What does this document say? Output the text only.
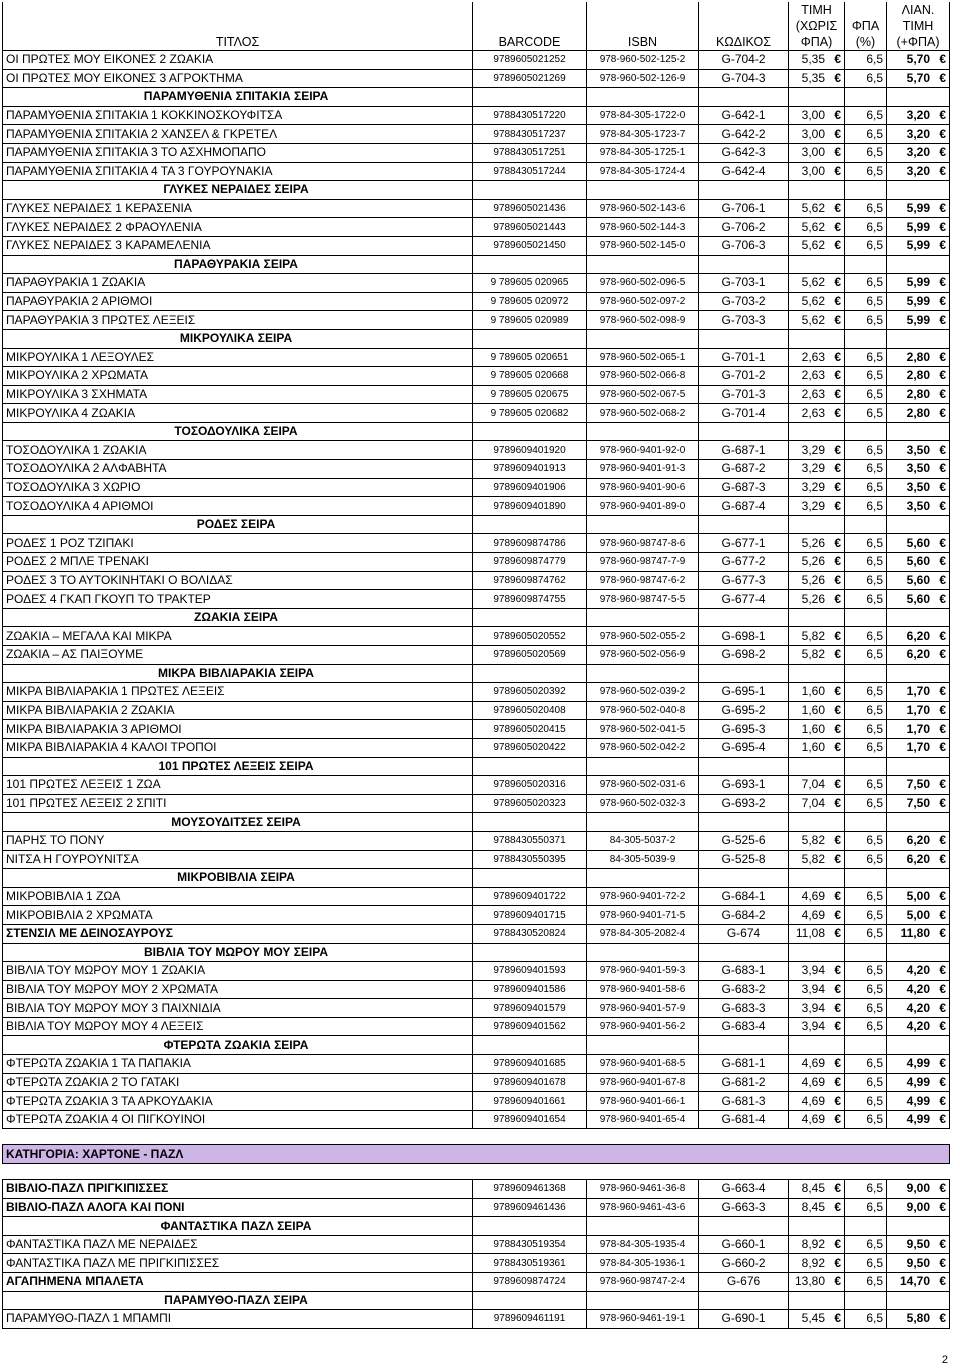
ΤΙΤΛΟΣ	BARCODE	ISBN	ΚΩΔΙΚΟΣ	ΤΙΜΗ (ΧΩΡΙΣ ΦΠΑ)	ΦΠΑ (%)	ΛΙΑΝ. ΤΙΜΗ (+ΦΠΑ)
ΟΙ ΠΡΩΤΕΣ ΜΟΥ ΕΙΚΟΝΕΣ 2 ΖΩΑΚΙΑ	9789605021252	978-960-502-125-2	G-704-2	5,35 €	6,5	5,70 €
ΟΙ ΠΡΩΤΕΣ ΜΟΥ ΕΙΚΟΝΕΣ 3 ΑΓΡΟΚΤΗΜΑ	9789605021269	978-960-502-126-9	G-704-3	5,35 €	6,5	5,70 €
ΠΑΡΑΜΥΘΕΝΙΑ ΣΠΙΤΑΚΙΑ ΣΕΙΡΑ						
ΠΑΡΑΜΥΘΕΝΙΑ ΣΠΙΤΑΚΙΑ 1 ΚΟΚΚΙΝΟΣΚΟΥΦΙΤΣΑ	9788430517220	978-84-305-1722-0	G-642-1	3,00 €	6,5	3,20 €
ΠΑΡΑΜΥΘΕΝΙΑ ΣΠΙΤΑΚΙΑ 2 ΧΑΝΣΕΛ & ΓΚΡΕΤΕΛ	9788430517237	978-84-305-1723-7	G-642-2	3,00 €	6,5	3,20 €
ΠΑΡΑΜΥΘΕΝΙΑ ΣΠΙΤΑΚΙΑ 3 ΤΟ ΑΣΧΗΜΟΠΑΠΟ	9788430517251	978-84-305-1725-1	G-642-3	3,00 €	6,5	3,20 €
ΠΑΡΑΜΥΘΕΝΙΑ ΣΠΙΤΑΚΙΑ 4 ΤΑ 3 ΓΟΥΡΟΥΝΑΚΙΑ	9788430517244	978-84-305-1724-4	G-642-4	3,00 €	6,5	3,20 €
ΓΛΥΚΕΣ ΝΕΡΑΙΔΕΣ ΣΕΙΡΑ						
ΓΛΥΚΕΣ ΝΕΡΑΙΔΕΣ 1 ΚΕΡΑΣΕΝΙΑ	9789605021436	978-960-502-143-6	G-706-1	5,62 €	6,5	5,99 €
ΓΛΥΚΕΣ ΝΕΡΑΙΔΕΣ 2 ΦΡΑΟΥΛΕΝΙΑ	9789605021443	978-960-502-144-3	G-706-2	5,62 €	6,5	5,99 €
ΓΛΥΚΕΣ ΝΕΡΑΙΔΕΣ 3 ΚΑΡΑΜΕΛΕΝΙΑ	9789605021450	978-960-502-145-0	G-706-3	5,62 €	6,5	5,99 €
ΠΑΡΑΘΥΡΑΚΙΑ ΣΕΙΡΑ						
ΠΑΡΑΘΥΡΑΚΙΑ 1 ΖΩΑΚΙΑ	9 789605 020965	978-960-502-096-5	G-703-1	5,62 €	6,5	5,99 €
ΠΑΡΑΘΥΡΑΚΙΑ 2 ΑΡΙΘΜΟΙ	9 789605 020972	978-960-502-097-2	G-703-2	5,62 €	6,5	5,99 €
ΠΑΡΑΘΥΡΑΚΙΑ 3 ΠΡΩΤΕΣ ΛΕΞΕΙΣ	9 789605 020989	978-960-502-098-9	G-703-3	5,62 €	6,5	5,99 €
ΜΙΚΡΟΥΛΙΚΑ ΣΕΙΡΑ						
ΜΙΚΡΟΥΛΙΚΑ 1 ΛΕΞΟΥΛΕΣ	9 789605 020651	978-960-502-065-1	G-701-1	2,63 €	6,5	2,80 €
ΜΙΚΡΟΥΛΙΚΑ 2 ΧΡΩΜΑΤΑ	9 789605 020668	978-960-502-066-8	G-701-2	2,63 €	6,5	2,80 €
ΜΙΚΡΟΥΛΙΚΑ 3 ΣΧΗΜΑΤΑ	9 789605 020675	978-960-502-067-5	G-701-3	2,63 €	6,5	2,80 €
ΜΙΚΡΟΥΛΙΚΑ 4 ΖΩΑΚΙΑ	9 789605 020682	978-960-502-068-2	G-701-4	2,63 €	6,5	2,80 €
ΤΟΣΟΔΟΥΛΙΚΑ ΣΕΙΡΑ						
ΤΟΣΟΔΟΥΛΙΚΑ 1 ΖΩΑΚΙΑ	9789609401920	978-960-9401-92-0	G-687-1	3,29 €	6,5	3,50 €
ΤΟΣΟΔΟΥΛΙΚΑ 2 ΑΛΦΑΒΗΤΑ	9789609401913	978-960-9401-91-3	G-687-2	3,29 €	6,5	3,50 €
ΤΟΣΟΔΟΥΛΙΚΑ 3 ΧΩΡΙΟ	9789609401906	978-960-9401-90-6	G-687-3	3,29 €	6,5	3,50 €
ΤΟΣΟΔΟΥΛΙΚΑ 4 ΑΡΙΘΜΟΙ	9789609401890	978-960-9401-89-0	G-687-4	3,29 €	6,5	3,50 €
ΡΟΔΕΣ ΣΕΙΡΑ						
ΡΟΔΕΣ 1 ΡΟΖ ΤΖΙΠΑΚΙ	9789609874786	978-960-98747-8-6	G-677-1	5,26 €	6,5	5,60 €
ΡΟΔΕΣ 2 ΜΠΛΕ ΤΡΕΝΑΚΙ	9789609874779	978-960-98747-7-9	G-677-2	5,26 €	6,5	5,60 €
ΡΟΔΕΣ 3 ΤΟ ΑΥΤΟΚΙΝΗΤΑΚΙ Ο ΒΟΛΙΔΑΣ	9789609874762	978-960-98747-6-2	G-677-3	5,26 €	6,5	5,60 €
ΡΟΔΕΣ 4 ΓΚΑΠ ΓΚΟΥΠ ΤΟ ΤΡΑΚΤΕΡ	9789609874755	978-960-98747-5-5	G-677-4	5,26 €	6,5	5,60 €
ΖΩΑΚΙΑ ΣΕΙΡΑ						
ΖΩΑΚΙΑ – ΜΕΓΑΛΑ ΚΑΙ ΜΙΚΡΑ	9789605020552	978-960-502-055-2	G-698-1	5,82 €	6,5	6,20 €
ΖΩΑΚΙΑ – ΑΣ ΠΑΙΞΟΥΜΕ	9789605020569	978-960-502-056-9	G-698-2	5,82 €	6,5	6,20 €
ΜΙΚΡΑ ΒΙΒΛΙΑΡΑΚΙΑ ΣΕΙΡΑ						
ΜΙΚΡΑ ΒΙΒΛΙΑΡΑΚΙΑ 1 ΠΡΩΤΕΣ ΛΕΞΕΙΣ	9789605020392	978-960-502-039-2	G-695-1	1,60 €	6,5	1,70 €
ΜΙΚΡΑ ΒΙΒΛΙΑΡΑΚΙΑ 2 ΖΩΑΚΙΑ	9789605020408	978-960-502-040-8	G-695-2	1,60 €	6,5	1,70 €
ΜΙΚΡΑ ΒΙΒΛΙΑΡΑΚΙΑ 3 ΑΡΙΘΜΟΙ	9789605020415	978-960-502-041-5	G-695-3	1,60 €	6,5	1,70 €
ΜΙΚΡΑ ΒΙΒΛΙΑΡΑΚΙΑ 4 ΚΑΛΟΙ ΤΡΟΠΟΙ	9789605020422	978-960-502-042-2	G-695-4	1,60 €	6,5	1,70 €
101 ΠΡΩΤΕΣ ΛΕΞΕΙΣ ΣΕΙΡΑ						
101 ΠΡΩΤΕΣ ΛΕΞΕΙΣ 1 ΖΩΑ	9789605020316	978-960-502-031-6	G-693-1	7,04 €	6,5	7,50 €
101 ΠΡΩΤΕΣ ΛΕΞΕΙΣ 2 ΣΠΙΤΙ	9789605020323	978-960-502-032-3	G-693-2	7,04 €	6,5	7,50 €
ΜΟΥΣΟΥΔΙΤΣΕΣ ΣΕΙΡΑ						
ΠΑΡΗΣ ΤΟ ΠΟΝΥ	9788430550371	84-305-5037-2	G-525-6	5,82 €	6,5	6,20 €
ΝΙΤΣΑ Η ΓΟΥΡΟΥΝΙΤΣΑ	9788430550395	84-305-5039-9	G-525-8	5,82 €	6,5	6,20 €
ΜΙΚΡΟΒΙΒΛΙΑ ΣΕΙΡΑ						
ΜΙΚΡΟΒΙΒΛΙΑ 1 ΖΩΑ	9789609401722	978-960-9401-72-2	G-684-1	4,69 €	6,5	5,00 €
ΜΙΚΡΟΒΙΒΛΙΑ 2 ΧΡΩΜΑΤΑ	9789609401715	978-960-9401-71-5	G-684-2	4,69 €	6,5	5,00 €
ΣΤΕΝΣΙΛ ΜΕ ΔΕΙΝΟΣΑΥΡΟΥΣ	9788430520824	978-84-305-2082-4	G-674	11,08 €	6,5	11,80 €
ΒΙΒΛΙΑ ΤΟΥ ΜΩΡΟΥ ΜΟΥ ΣΕΙΡΑ						
ΒΙΒΛΙΑ ΤΟΥ ΜΩΡΟΥ ΜΟΥ 1 ΖΩΑΚΙΑ	9789609401593	978-960-9401-59-3	G-683-1	3,94 €	6,5	4,20 €
ΒΙΒΛΙΑ ΤΟΥ ΜΩΡΟΥ ΜΟΥ 2 ΧΡΩΜΑΤΑ	9789609401586	978-960-9401-58-6	G-683-2	3,94 €	6,5	4,20 €
ΒΙΒΛΙΑ ΤΟΥ ΜΩΡΟΥ ΜΟΥ 3 ΠΑΙΧΝΙΔΙΑ	9789609401579	978-960-9401-57-9	G-683-3	3,94 €	6,5	4,20 €
ΒΙΒΛΙΑ ΤΟΥ ΜΩΡΟΥ ΜΟΥ 4 ΛΕΞΕΙΣ	9789609401562	978-960-9401-56-2	G-683-4	3,94 €	6,5	4,20 €
ΦΤΕΡΩΤΑ ΖΩΑΚΙΑ ΣΕΙΡΑ						
ΦΤΕΡΩΤΑ ΖΩΑΚΙΑ 1 ΤΑ ΠΑΠΑΚΙΑ	9789609401685	978-960-9401-68-5	G-681-1	4,69 €	6,5	4,99 €
ΦΤΕΡΩΤΑ ΖΩΑΚΙΑ 2 ΤΟ ΓΑΤΑΚΙ	9789609401678	978-960-9401-67-8	G-681-2	4,69 €	6,5	4,99 €
ΦΤΕΡΩΤΑ ΖΩΑΚΙΑ 3 ΤΑ ΑΡΚΟΥΔΑΚΙΑ	9789609401661	978-960-9401-66-1	G-681-3	4,69 €	6,5	4,99 €
ΦΤΕΡΩΤΑ ΖΩΑΚΙΑ 4 ΟΙ ΠΙΓΚΟΥΙΝΟΙ	9789609401654	978-960-9401-65-4	G-681-4	4,69 €	6,5	4,99 €

ΚΑΤΗΓΟΡΙΑ: ΧΑΡΤΟΝΕ - ΠΑΖΛ						

ΒΙΒΛΙΟ-ΠΑΖΛ ΠΡΙΓΚΙΠΙΣΣΕΣ	9789609461368	978-960-9461-36-8	G-663-4	8,45 €	6,5	9,00 €
ΒΙΒΛΙΟ-ΠΑΖΛ ΑΛΟΓΑ ΚΑΙ ΠΟΝΙ	9789609461436	978-960-9461-43-6	G-663-3	8,45 €	6,5	9,00 €
ΦΑΝΤΑΣΤΙΚΑ ΠΑΖΛ ΣΕΙΡΑ						
ΦΑΝΤΑΣΤΙΚΑ ΠΑΖΛ ΜΕ ΝΕΡΑΙΔΕΣ	9788430519354	978-84-305-1935-4	G-660-1	8,92 €	6,5	9,50 €
ΦΑΝΤΑΣΤΙΚΑ ΠΑΖΛ ΜΕ ΠΡΙΓΚΙΠΙΣΣΕΣ	9788430519361	978-84-305-1936-1	G-660-2	8,92 €	6,5	9,50 €
ΑΓΑΠΗΜΕΝΑ ΜΠΑΛΕΤΑ	9789609874724	978-960-98747-2-4	G-676	13,80 €	6,5	14,70 €
ΠΑΡΑΜΥΘΟ-ΠΑΖΛ ΣΕΙΡΑ						
ΠΑΡΑΜΥΘΟ-ΠΑΖΛ 1 ΜΠΑΜΠΙ	9789609461191	978-960-9461-19-1	G-690-1	5,45 €	6,5	5,80 €
2
